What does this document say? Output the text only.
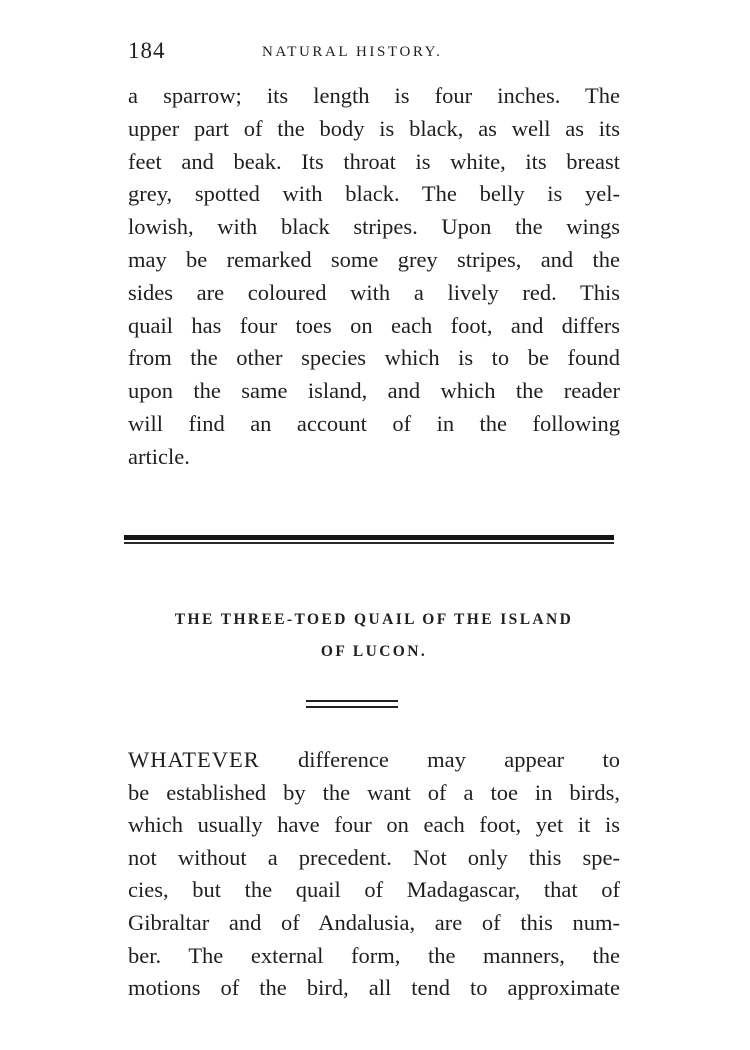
184	NATURAL HISTORY.
a sparrow; its length is four inches. The
upper part of the body is black, as well as its
feet and beak. Its throat is white, its breast
grey, spotted with black. The belly is yel-
lowish, with black stripes. Upon the wings
may be remarked some grey stripes, and the
sides are coloured with a lively red. This
quail has four toes on each foot, and differs
from the other species which is to be found
upon the same island, and which the reader
will find an account of in the following
article.
THE THREE-TOED QUAIL OF THE ISLAND
OF LUCON.
WHATEVER difference may appear to
be established by the want of a toe in birds,
which usually have four on each foot, yet it is
not without a precedent. Not only this spe-
cies, but the quail of Madagascar, that of
Gibraltar and of Andalusia, are of this num-
ber. The external form, the manners, the
motions of the bird, all tend to approximate
